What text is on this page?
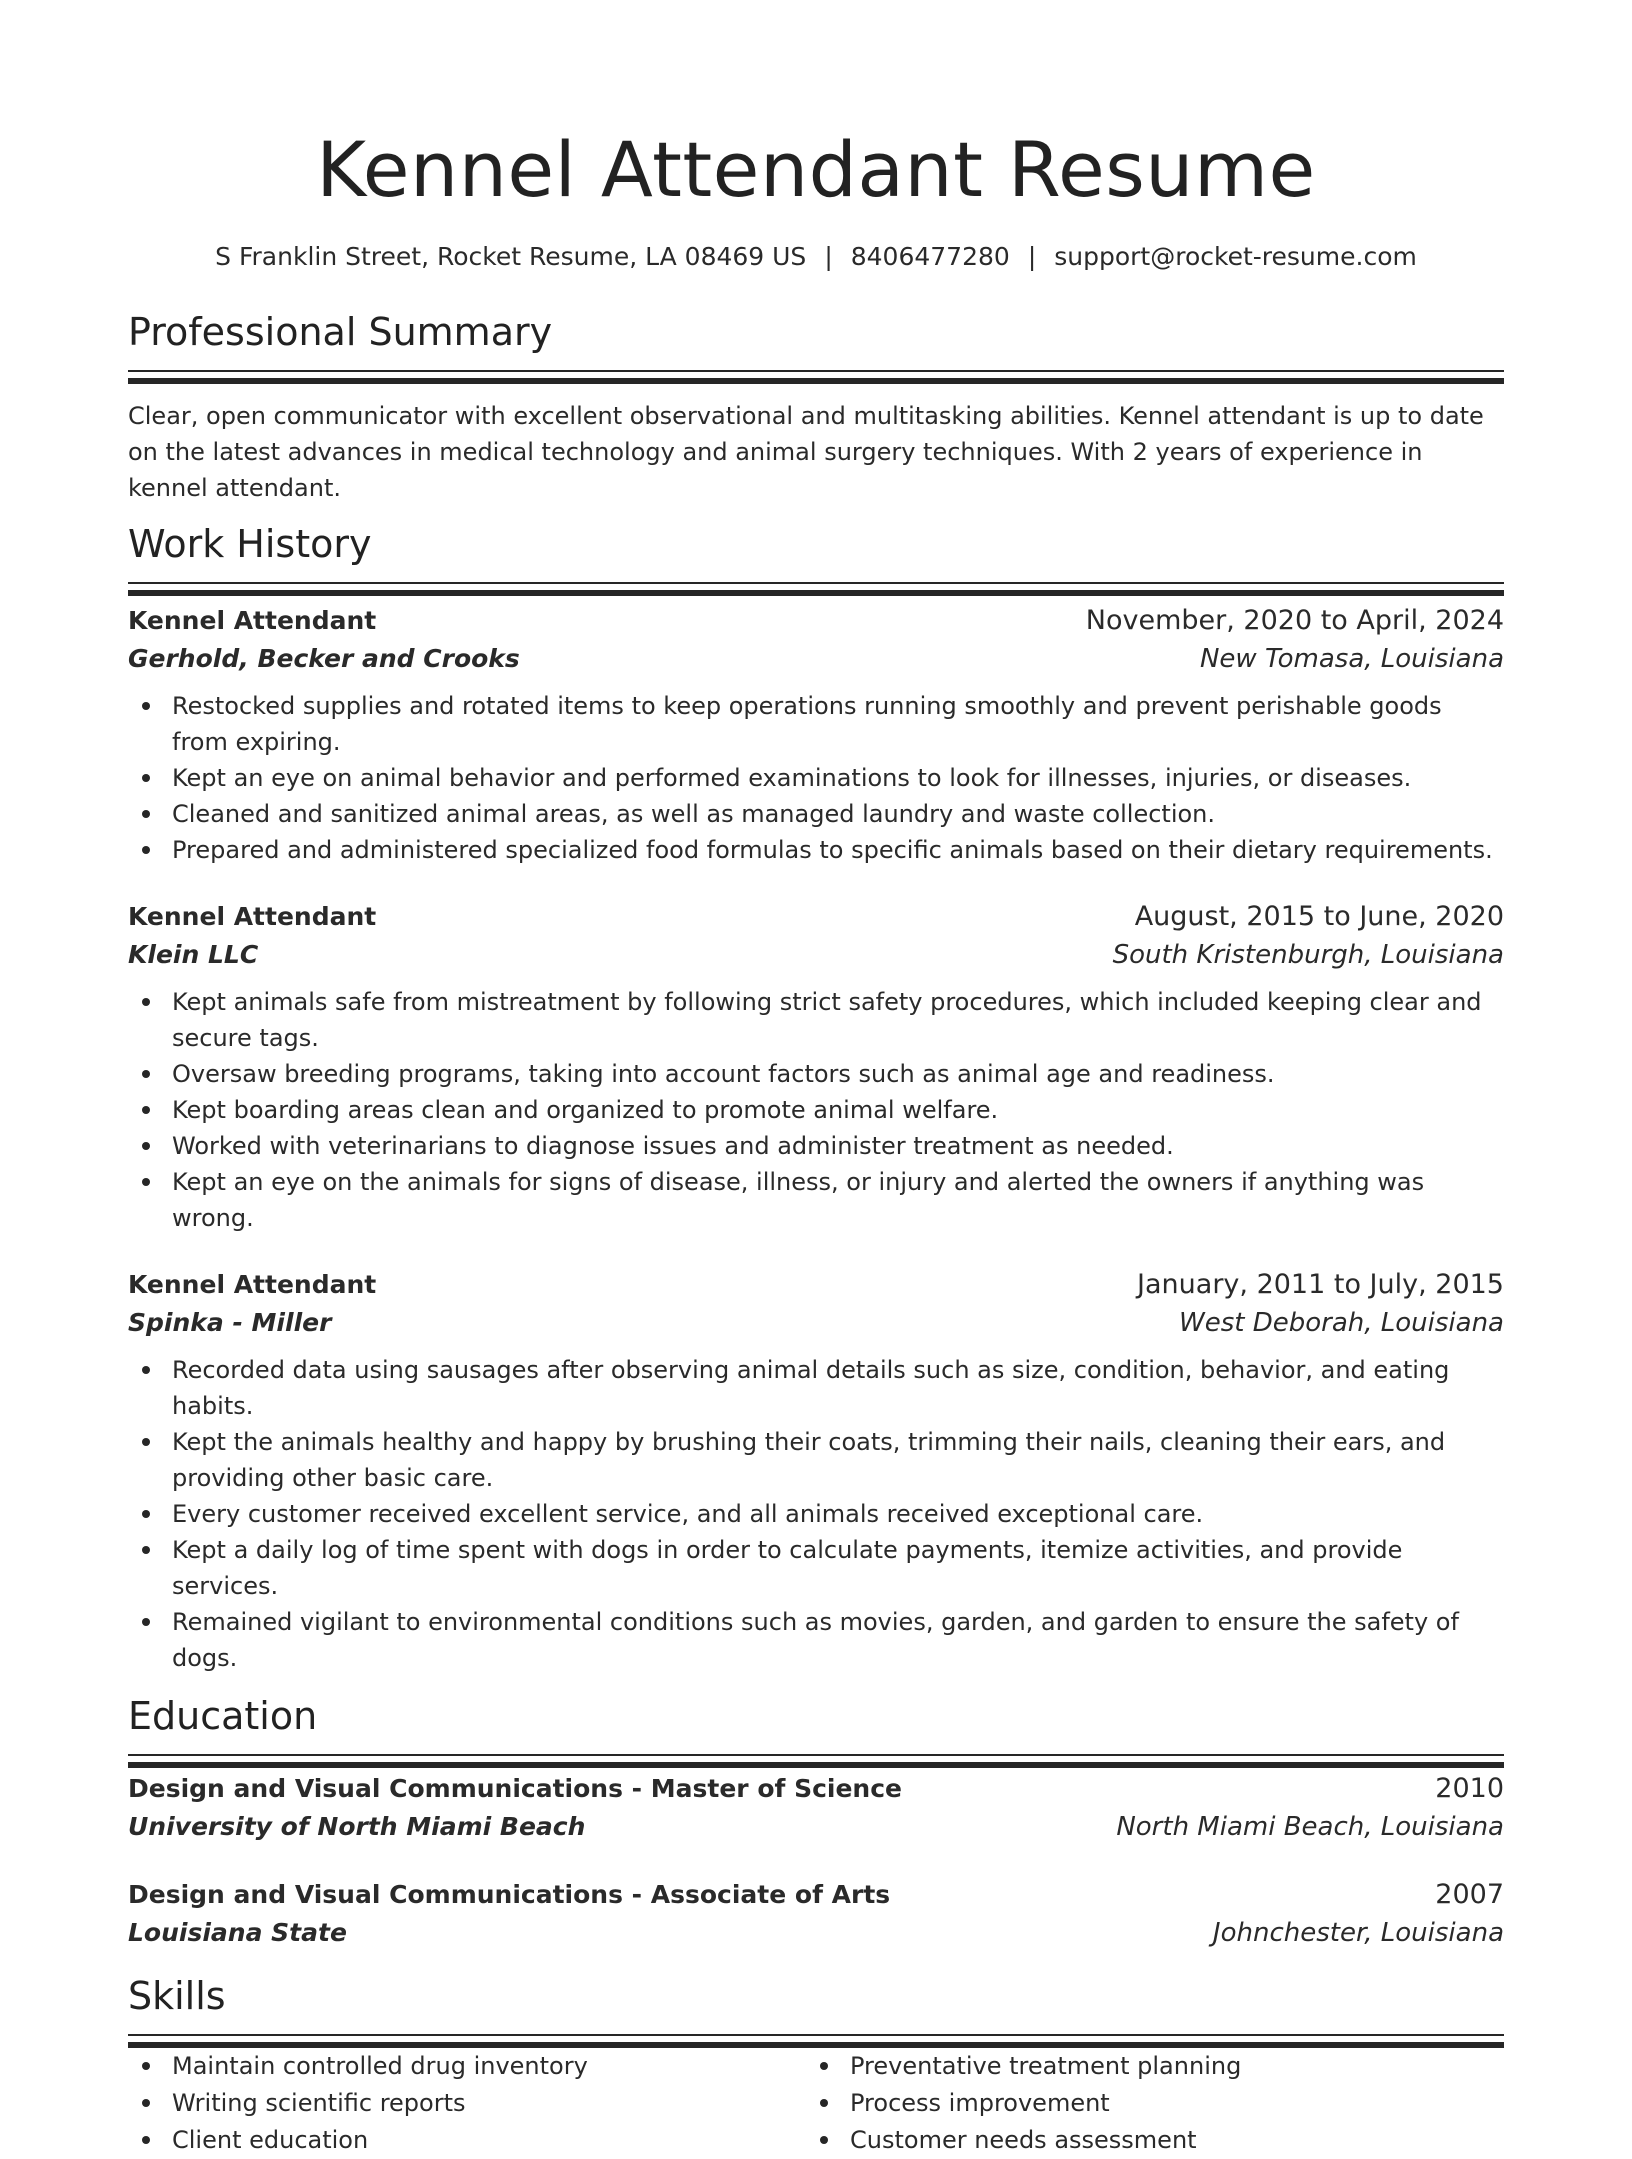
Kennel Attendant Resume
S Franklin Street, Rocket Resume, LA 08469 US | 8406477280 | support@rocket-resume.com
Professional Summary

Clear, open communicator with excellent observational and multitasking abilities. Kennel attendant is up to date on the latest advances in medical technology and animal surgery techniques. With 2 years of experience in kennel attendant.

Work History
Kennel Attendant	November, 2020 to April, 2024
Gerhold, Becker and Crooks	New Tomasa, Louisiana
Restocked supplies and rotated items to keep operations running smoothly and prevent perishable goods from expiring.
Kept an eye on animal behavior and performed examinations to look for illnesses, injuries, or diseases.
Cleaned and sanitized animal areas, as well as managed laundry and waste collection.
Prepared and administered specialized food formulas to specific animals based on their dietary requirements.
Kennel Attendant	August, 2015 to June, 2020
Klein LLC	South Kristenburgh, Louisiana
Kept animals safe from mistreatment by following strict safety procedures, which included keeping clear and secure tags.
Oversaw breeding programs, taking into account factors such as animal age and readiness.
Kept boarding areas clean and organized to promote animal welfare.
Worked with veterinarians to diagnose issues and administer treatment as needed.
Kept an eye on the animals for signs of disease, illness, or injury and alerted the owners if anything was wrong.
Kennel Attendant	January, 2011 to July, 2015
Spinka - Miller	West Deborah, Louisiana
Recorded data using sausages after observing animal details such as size, condition, behavior, and eating habits.
Kept the animals healthy and happy by brushing their coats, trimming their nails, cleaning their ears, and providing other basic care.
Every customer received excellent service, and all animals received exceptional care.
Kept a daily log of time spent with dogs in order to calculate payments, itemize activities, and provide services.
Remained vigilant to environmental conditions such as movies, garden, and garden to ensure the safety of dogs.
Education
Design and Visual Communications - Master of Science	2010
University of North Miami Beach	North Miami Beach, Louisiana
Design and Visual Communications - Associate of Arts	2007
Louisiana State	Johnchester, Louisiana
Skills
Maintain controlled drug inventory
Writing scientific reports
Client education
Preventative treatment planning
Process improvement
Customer needs assessment
